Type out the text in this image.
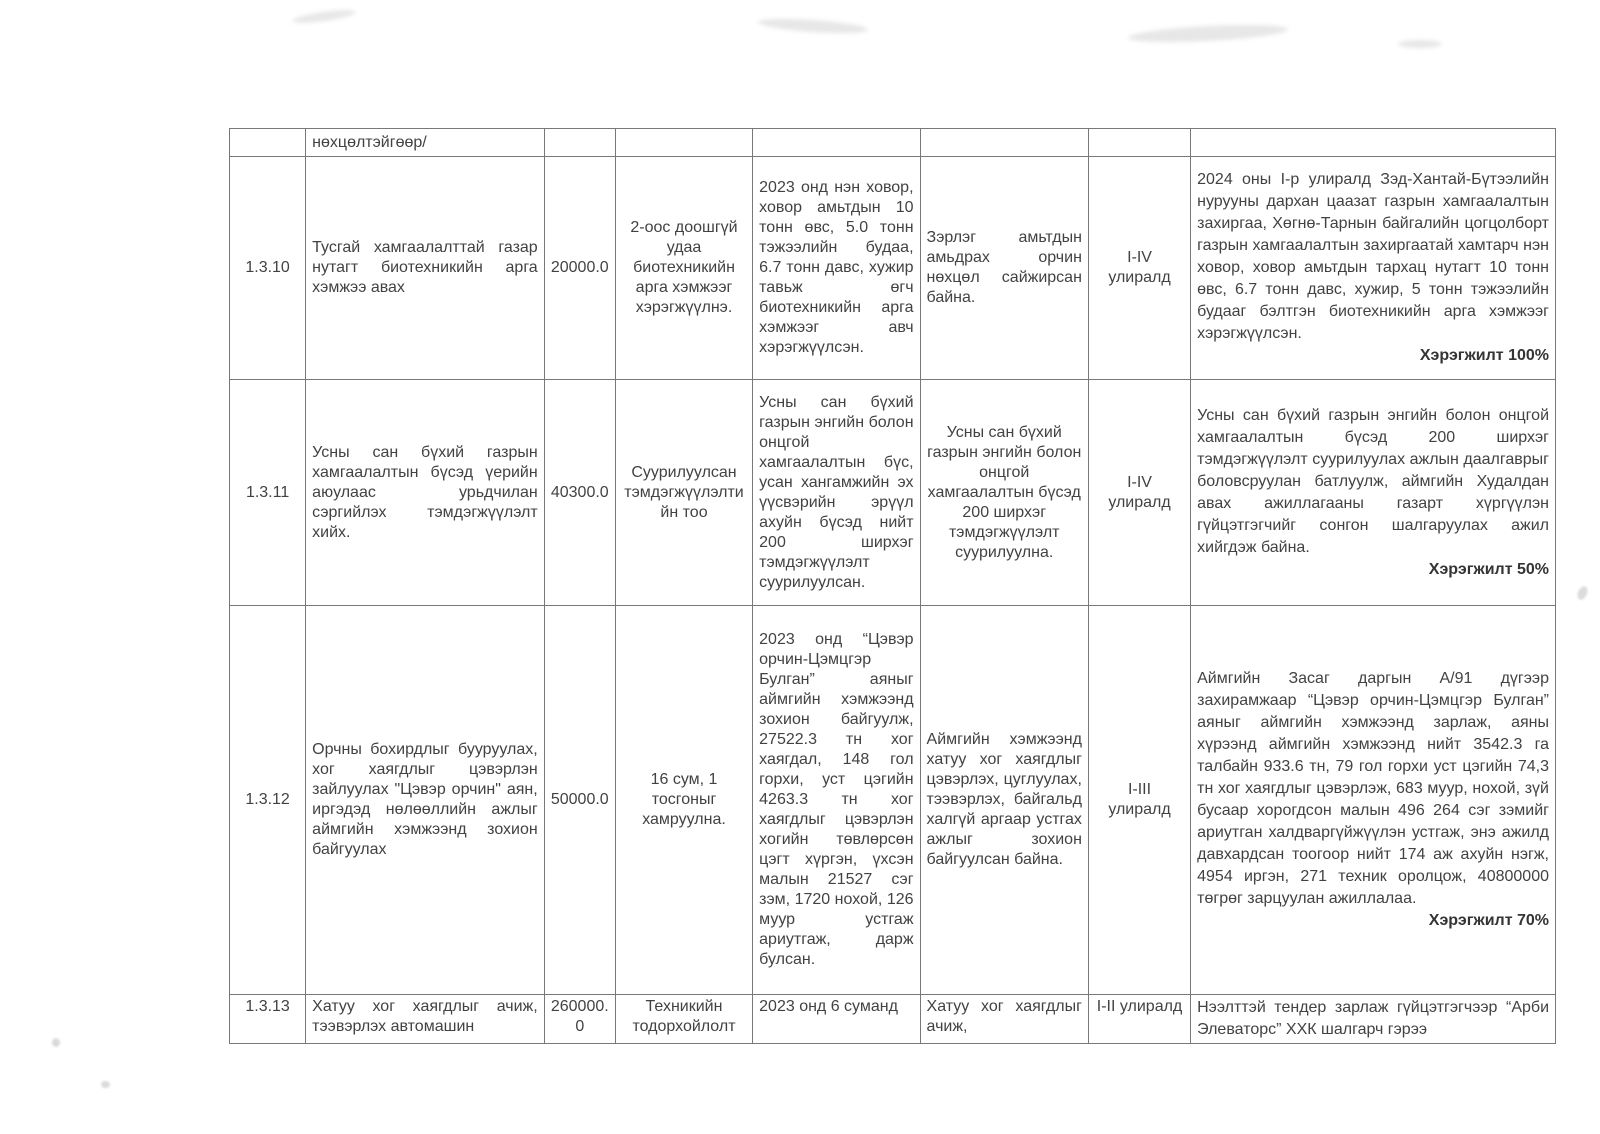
	нөхцөлтэйгөөр/						
1.3.10	Тусгай хамгаалалттай газар нутагт биотехникийн арга хэмжээ авах	20000.0	2-оос доошгүй удаа биотехникийн арга хэмжээг хэрэгжүүлнэ.	2023 онд нэн ховор, ховор амьтдын 10 тонн өвс, 5.0 тонн тэжээлийн будаа, 6.7 тонн давс, хужир тавьж өгч биотехникийн арга хэмжээг авч хэрэгжүүлсэн.	Зэрлэг амьтдын амьдрах орчин нөхцөл сайжирсан байна.	I-IV улиралд	2024 оны I-р улиралд Зэд-Хантай-Бүтээлийн нурууны дархан цаазат газрын хамгаалалтын захиргаа, Хөгнө-Тарнын байгалийн цогцолборт газрын хамгаалалтын захиргаатай хамтарч нэн ховор, ховор амьтдын тархац нутагт 10 тонн өвс, 6.7 тонн давс, хужир, 5 тонн тэжээлийн будааг бэлтгэн биотехникийн арга хэмжээг хэрэгжүүлсэн.
Хэрэгжилт 100%

1.3.11	Усны сан бүхий газрын хамгаалалтын бүсэд үерийн аюулаас урьдчилан сэргийлэх тэмдэгжүүлэлт хийх.	40300.0	Суурилуулсан тэмдэгжүүлэлтийн тоо	Усны сан бүхий газрын энгийн болон онцгой хамгаалалтын бүс, усан хангамжийн эх үүсвэрийн эрүүл ахуйн бүсэд нийт 200 ширхэг тэмдэгжүүлэлт суурилуулсан.	Усны сан бүхий газрын энгийн болон онцгой хамгаалалтын бүсэд 200 ширхэг тэмдэгжүүлэлт суурилуулна.	I-IV улиралд	Усны сан бүхий газрын энгийн болон онцгой хамгаалалтын бүсэд 200 ширхэг тэмдэгжүүлэлт суурилуулах ажлын даалгаврыг боловсруулан батлуулж, аймгийн Худалдан авах ажиллагааны газарт хүргүүлэн гүйцэтгэгчийг сонгон шалгаруулах ажил хийгдэж байна.
Хэрэгжилт 50%

1.3.12	Орчны бохирдлыг бууруулах, хог хаягдлыг цэвэрлэн зайлуулах "Цэвэр орчин" аян, иргэдэд нөлөөллийн ажлыг аймгийн хэмжээнд зохион байгуулах	50000.0	16 сум, 1 тосгоныг хамруулна.	2023 онд “Цэвэр орчин-Цэмцгэр Булган” аяныг аймгийн хэмжээнд зохион байгуулж, 27522.3 тн хог хаягдал, 148 гол горхи, уст цэгийн 4263.3 тн хог хаягдлыг цэвэрлэн хогийн төвлөрсөн цэгт хүргэн, үхсэн малын 21527 сэг зэм, 1720 нохой, 126 муур устгаж ариутгаж, дарж булсан.	Аймгийн хэмжээнд хатуу хог хаягдлыг цэвэрлэх, цуглуулах, тээвэрлэх, байгальд халгүй аргаар устгах ажлыг зохион байгуулсан байна.	I-III улиралд	
Аймгийн Засаг даргын А/91 дүгээр захирамжаар “Цэвэр орчин-Цэмцгэр Булган” аяныг аймгийн хэмжээнд зарлаж, аяны хүрээнд аймгийн хэмжээнд нийт 3542.3 га талбайн 933.6 тн, 79 гол горхи уст цэгийн 74,3 тн хог хаягдлыг цэвэрлэж, 683 муур, нохой, зүй бусаар хорогдсон малын 496 264 сэг зэмийг ариутган халдваргүйжүүлэн устгаж, энэ ажилд давхардсан тоогоор нийт 174 аж ахуйн нэгж, 4954 иргэн, 271 техник оролцож, 40800000 төгрөг зарцуулан ажиллалаа.
Хэрэгжилт 70%

1.3.13	Хатуу хог хаягдлыг ачиж, тээвэрлэх автомашин	260000.0	Техникийн тодорхойлолт	2023 онд 6 суманд	Хатуу хог хаягдлыг ачиж,	I-II улиралд	Нээлттэй тендер зарлаж гүйцэтгэгчээр “Арби Элеваторс” ХХК шалгарч гэрээ
